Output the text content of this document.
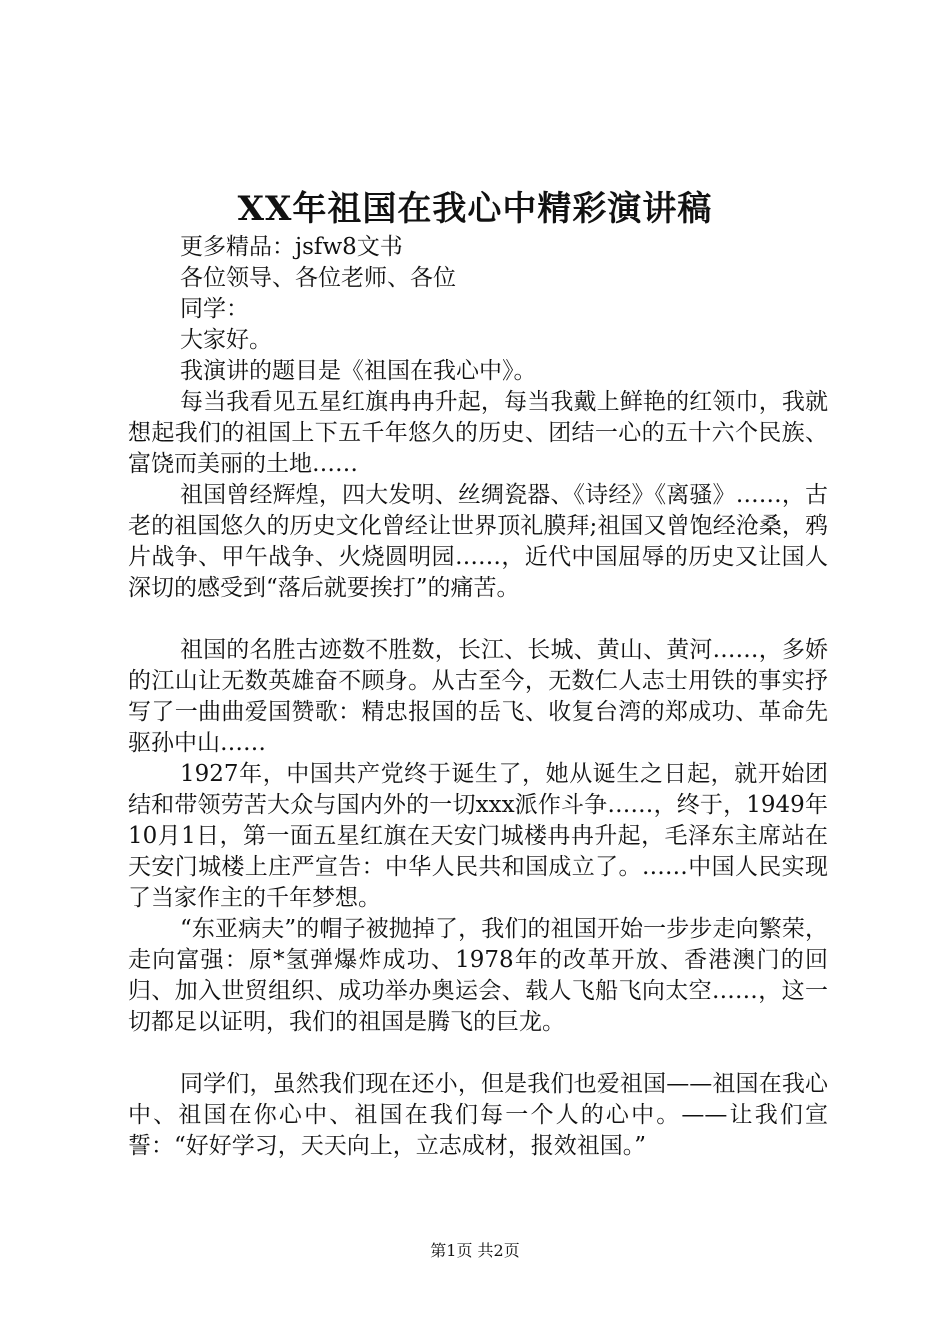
XX年祖国在我心中精彩演讲稿

更多精品：jsfw8文书

各位领导、各位老师、各位

同学：

大家好。

我演讲的题目是《祖国在我心中》。

每当我看见五星红旗冉冉升起，每当我戴上鲜艳的红领巾，我就想起我们的祖国上下五千年悠久的历史、团结一心的五十六个民族、富饶而美丽的土地……

祖国曾经辉煌，四大发明、丝绸瓷器、《诗经》《离骚》……，古老的祖国悠久的历史文化曾经让世界顶礼膜拜;祖国又曾饱经沧桑，鸦片战争、甲午战争、火烧圆明园……，近代中国屈辱的历史又让国人深切的感受到“落后就要挨打”的痛苦。

祖国的名胜古迹数不胜数，长江、长城、黄山、黄河……，多娇的江山让无数英雄奋不顾身。从古至今，无数仁人志士用铁的事实抒写了一曲曲爱国赞歌：精忠报国的岳飞、收复台湾的郑成功、革命先驱孙中山……

1927年，中国共产党终于诞生了，她从诞生之日起，就开始团结和带领劳苦大众与国内外的一切xxx派作斗争……，终于，1949年10月1日，第一面五星红旗在天安门城楼冉冉升起，毛泽东主席站在天安门城楼上庄严宣告：中华人民共和国成立了。……中国人民实现了当家作主的千年梦想。

“东亚病夫”的帽子被抛掉了，我们的祖国开始一步步走向繁荣，走向富强：原*氢弹爆炸成功、1978年的改革开放、香港澳门的回归、加入世贸组织、成功举办奥运会、载人飞船飞向太空……，这一切都足以证明，我们的祖国是腾飞的巨龙。

同学们，虽然我们现在还小，但是我们也爱祖国——祖国在我心中、祖国在你心中、祖国在我们每一个人的心中。——让我们宣誓：“好好学习，天天向上，立志成材，报效祖国。”

第1页 共2页
